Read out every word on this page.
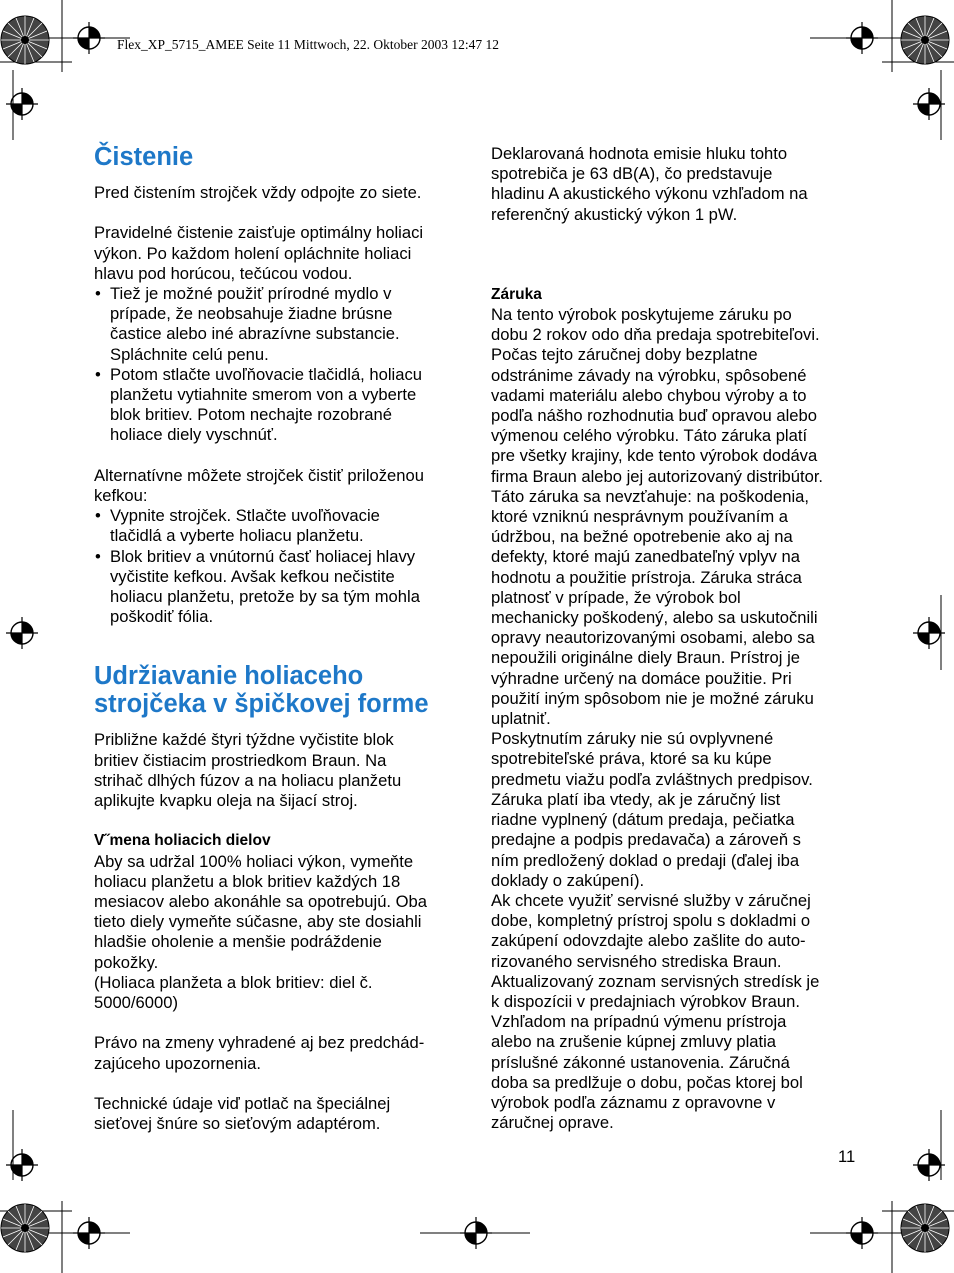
Flex_XP_5715_AMEE Seite 11 Mittwoch, 22. Oktober 2003 12:47 12
Čistenie

Pred čistením strojček vždy odpojte zo siete.

Pravidelné čistenie zaisťuje optimálny holiaci
výkon. Po každom holení opláchnite holiaci
hlavu pod horúcou, tečúcou vodou.

• Tiež je možné použiť prírodné mydlo v
prípade, že neobsahuje žiadne brúsne
častice alebo iné abrazívne substancie.
Spláchnite celú penu.
• Potom stlačte uvoľňovacie tlačidlá, holiacu
planžetu vytiahnite smerom von a vyberte
blok britiev. Potom nechajte rozobrané
holiace diely vyschnúť.

Alternatívne môžete strojček čistiť priloženou
kefkou:

• Vypnite strojček. Stlačte uvoľňovacie
tlačidlá a vyberte holiacu planžetu.
• Blok britiev a vnútornú časť holiacej hlavy
vyčistite kefkou. Avšak kefkou nečistite
holiacu planžetu, pretože by sa tým mohla
poškodiť fólia.
Udržiavanie holiaceho
strojčeka v špičkovej forme

Približne každé štyri týždne vyčistite blok
britiev čistiacim prostriedkom Braun. Na
strihač dlhých fúzov a na holiacu planžetu
aplikujte kvapku oleja na šijací stroj.

V˝mena holiacich dielov

Aby sa udržal 100% holiaci výkon, vymeňte
holiacu planžetu a blok britiev každých 18
mesiacov alebo akonáhle sa opotrebujú. Oba
tieto diely vymeňte súčasne, aby ste dosiahli
hladšie oholenie a menšie podráždenie
pokožky.
(Holiaca planžeta a blok britiev: diel č.
5000/6000)

Právo na zmeny vyhradené aj bez predchád-
zajúceho upozornenia.

Technické údaje viď potlač na špeciálnej
sieťovej šnúre so sieťovým adaptérom.

Deklarovaná hodnota emisie hluku tohto
spotrebiča je 63 dB(A), čo predstavuje
hladinu A akustického výkonu vzhľadom na
referenčný akustický výkon 1 pW.

Záruka

Na tento výrobok poskytujeme záruku po
dobu 2 rokov odo dňa predaja spotrebiteľovi.
Počas tejto záručnej doby bezplatne
odstránime závady na výrobku, spôsobené
vadami materiálu alebo chybou výroby a to
podľa nášho rozhodnutia buď opravou alebo
výmenou celého výrobku. Táto záruka platí
pre všetky krajiny, kde tento výrobok dodáva
firma Braun alebo jej autorizovaný distribútor.
Táto záruka sa nevzťahuje: na poškodenia,
ktoré vzniknú nesprávnym používaním a
údržbou, na bežné opotrebenie ako aj na
defekty, ktoré majú zanedbateľný vplyv na
hodnotu a použitie prístroja. Záruka stráca
platnosť v prípade, že výrobok bol
mechanicky poškodený, alebo sa uskutočnili
opravy neautorizovanými osobami, alebo sa
nepoužili originálne diely Braun. Prístroj je
výhradne určený na domáce použitie. Pri
použití iným spôsobom nie je možné záruku
uplatniť.
Poskytnutím záruky nie sú ovplyvnené
spotrebiteľské práva, ktoré sa ku kúpe
predmetu viažu podľa zvláštnych predpisov.
Záruka platí iba vtedy, ak je záručný list
riadne vyplnený (dátum predaja, pečiatka
predajne a podpis predavača) a zároveň s
ním predložený doklad o predaji (ďalej iba
doklady o zakúpení).
Ak chcete využiť servisné služby v záručnej
dobe, kompletný prístroj spolu s dokladmi o
zakúpení odovzdajte alebo zašlite do auto-
rizovaného servisného strediska Braun.
Aktualizovaný zoznam servisných stredísk je
k dispozícii v predajniach výrobkov Braun.
Vzhľadom na prípadnú výmenu prístroja
alebo na zrušenie kúpnej zmluvy platia
príslušné zákonné ustanovenia. Záručná
doba sa predlžuje o dobu, počas ktorej bol
výrobok podľa záznamu z opravovne v
záručnej oprave.

11
